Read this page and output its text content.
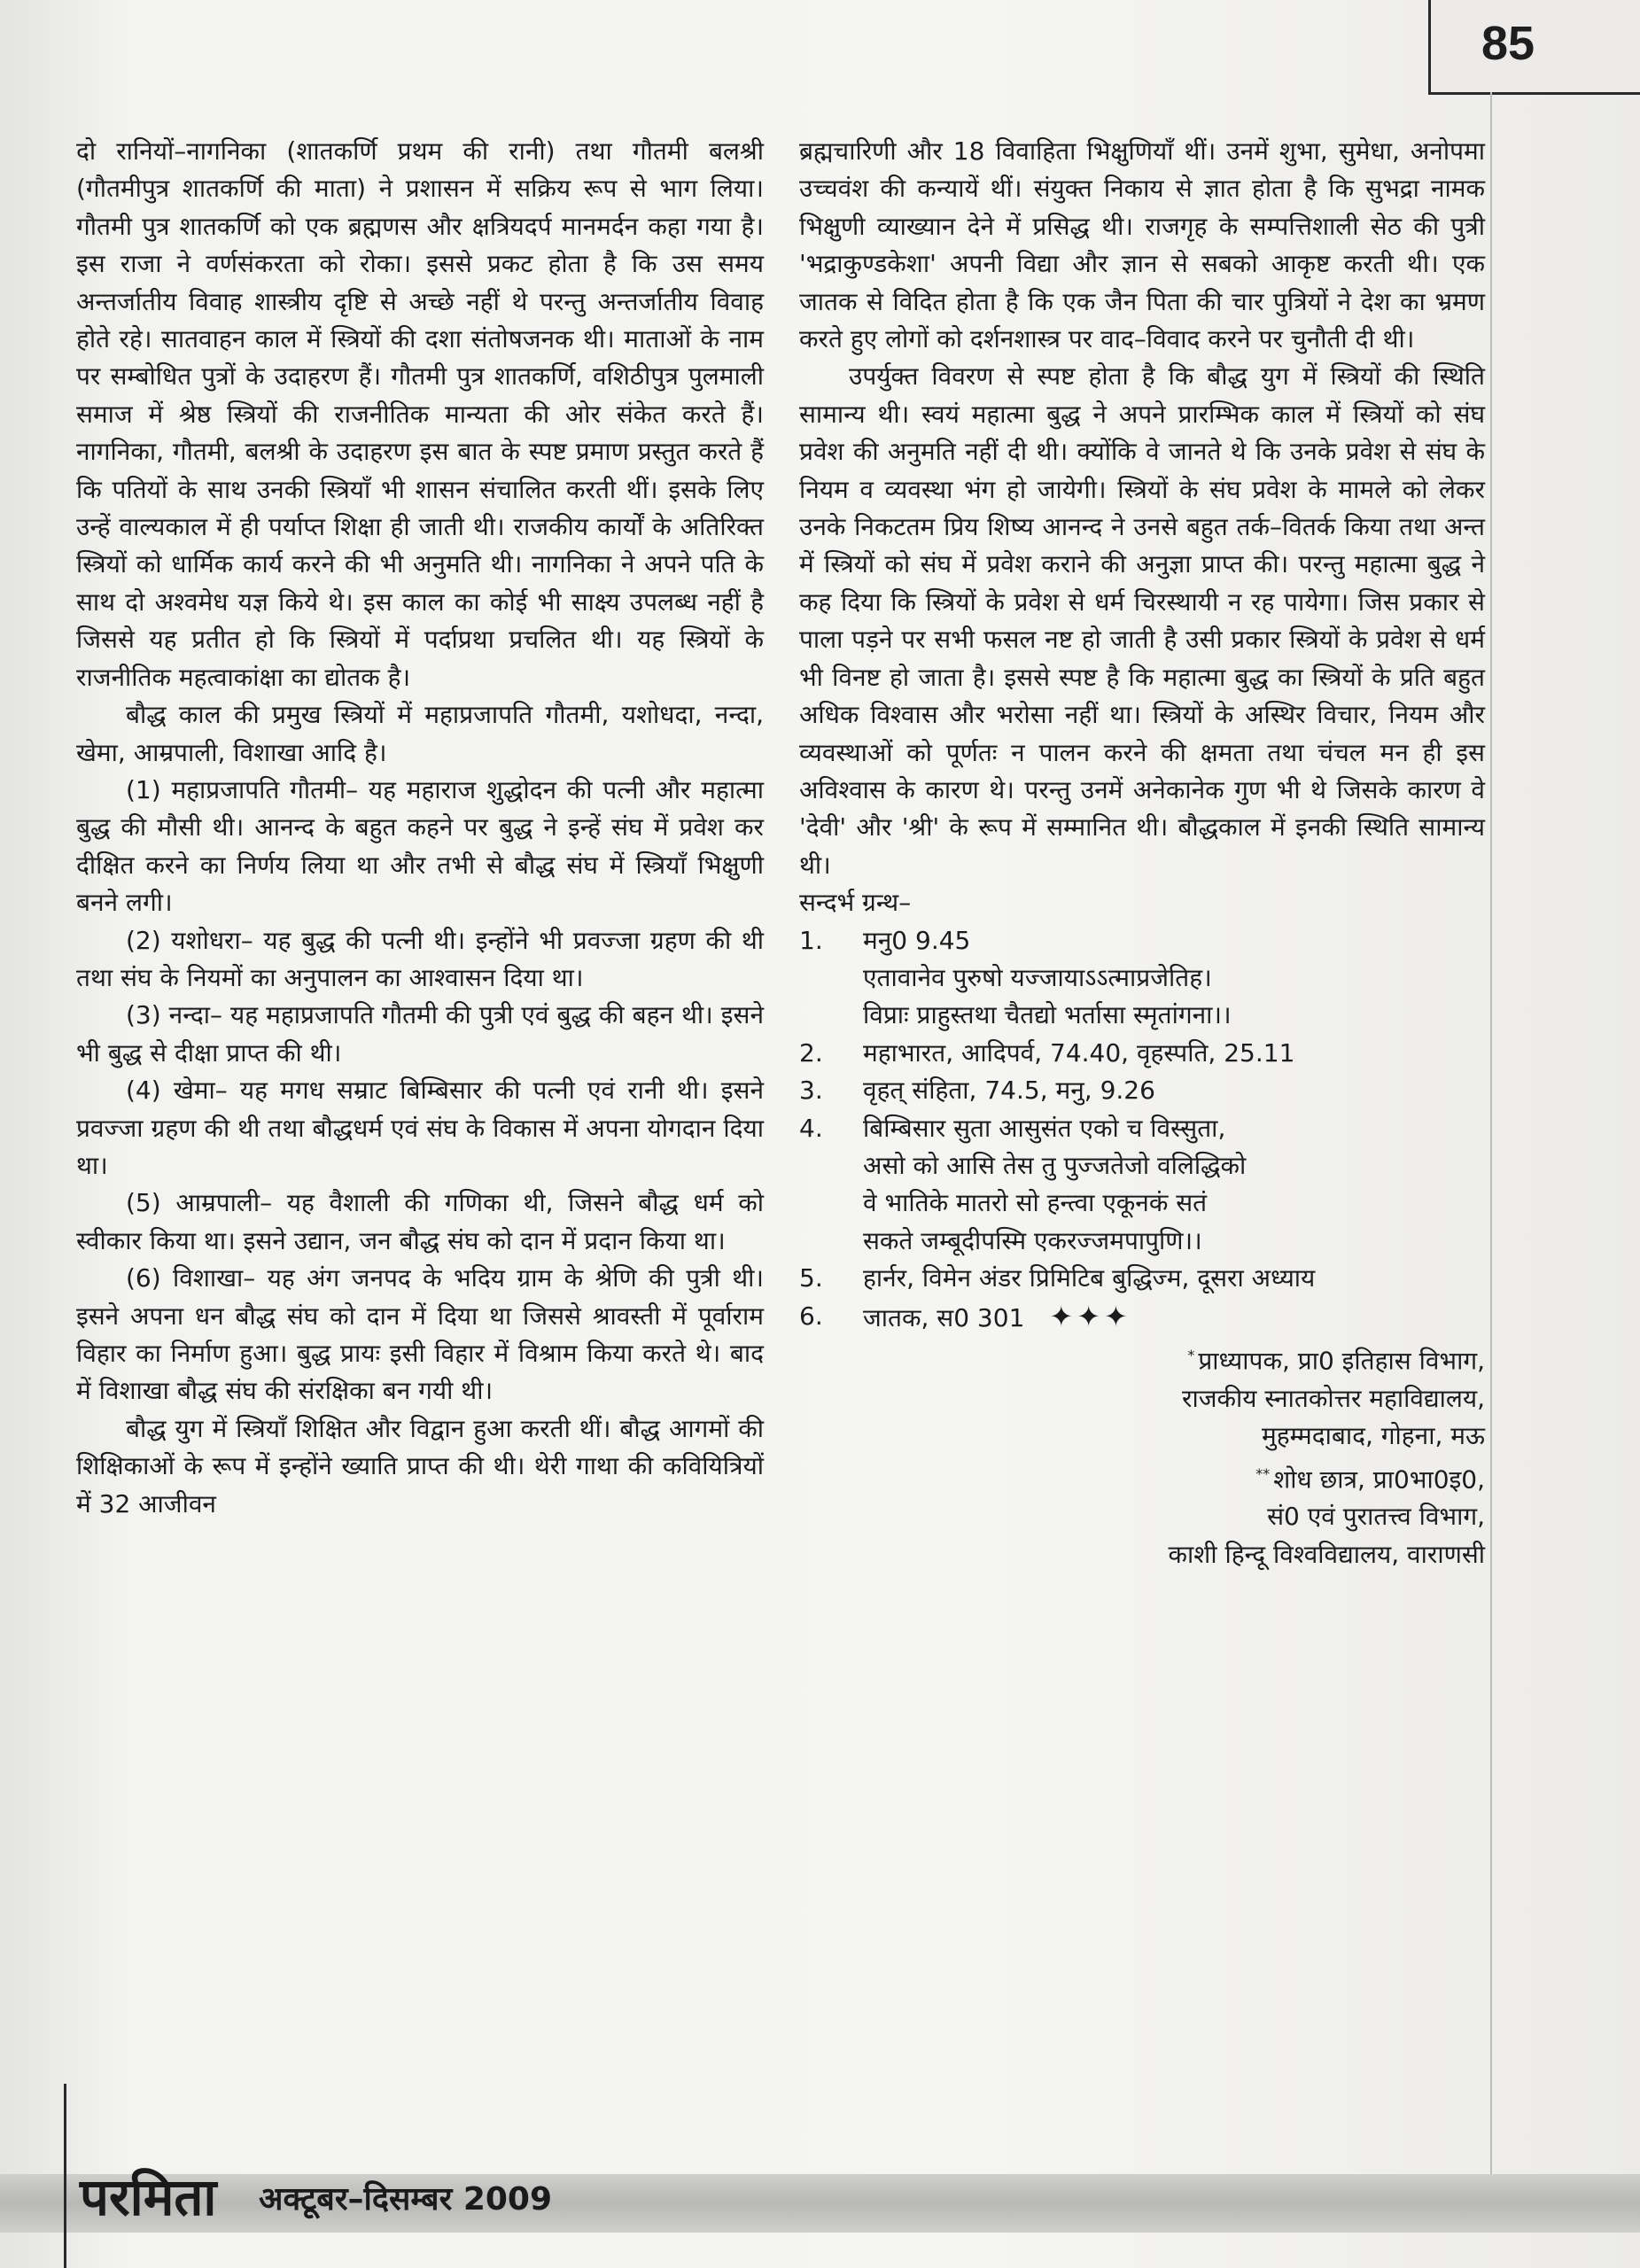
85

दो रानियों–नागनिका (शातकर्णि प्रथम की रानी) तथा गौतमी बलश्री (गौतमीपुत्र शातकर्णि की माता) ने प्रशासन में सक्रिय रूप से भाग लिया। गौतमी पुत्र शातकर्णि को एक ब्रह्मणस और क्षत्रियदर्प मानमर्दन कहा गया है। इस राजा ने वर्णसंकरता को रोका। इससे प्रकट होता है कि उस समय अन्तर्जातीय विवाह शास्त्रीय दृष्टि से अच्छे नहीं थे परन्तु अन्तर्जातीय विवाह होते रहे। सातवाहन काल में स्त्रियों की दशा संतोषजनक थी। माताओं के नाम पर सम्बोधित पुत्रों के उदाहरण हैं। गौतमी पुत्र शातकर्णि, वशिठीपुत्र पुलमाली समाज में श्रेष्ठ स्त्रियों की राजनीतिक मान्यता की ओर संकेत करते हैं। नागनिका, गौतमी, बलश्री के उदाहरण इस बात के स्पष्ट प्रमाण प्रस्तुत करते हैं कि पतियों के साथ उनकी स्त्रियाँ भी शासन संचालित करती थीं। इसके लिए उन्हें वाल्यकाल में ही पर्याप्त शिक्षा ही जाती थी। राजकीय कार्यों के अतिरिक्त स्त्रियों को धार्मिक कार्य करने की भी अनुमति थी। नागनिका ने अपने पति के साथ दो अश्वमेध यज्ञ किये थे। इस काल का कोई भी साक्ष्य उपलब्ध नहीं है जिससे यह प्रतीत हो कि स्त्रियों में पर्दाप्रथा प्रचलित थी। यह स्त्रियों के राजनीतिक महत्वाकांक्षा का द्योतक है।

बौद्ध काल की प्रमुख स्त्रियों में महाप्रजापति गौतमी, यशोधदा, नन्दा, खेमा, आम्रपाली, विशाखा आदि है।

(1) महाप्रजापति गौतमी– यह महाराज शुद्धोदन की पत्नी और महात्मा बुद्ध की मौसी थी। आनन्द के बहुत कहने पर बुद्ध ने इन्हें संघ में प्रवेश कर दीक्षित करने का निर्णय लिया था और तभी से बौद्ध संघ में स्त्रियाँ भिक्षुणी बनने लगी।

(2) यशोधरा– यह बुद्ध की पत्नी थी। इन्होंने भी प्रवज्जा ग्रहण की थी तथा संघ के नियमों का अनुपालन का आश्वासन दिया था।

(3) नन्दा– यह महाप्रजापति गौतमी की पुत्री एवं बुद्ध की बहन थी। इसने भी बुद्ध से दीक्षा प्राप्त की थी।

(4) खेमा– यह मगध सम्राट बिम्बिसार की पत्नी एवं रानी थी। इसने प्रवज्जा ग्रहण की थी तथा बौद्धधर्म एवं संघ के विकास में अपना योगदान दिया था।

(5) आम्रपाली– यह वैशाली की गणिका थी, जिसने बौद्ध धर्म को स्वीकार किया था। इसने उद्यान, जन बौद्ध संघ को दान में प्रदान किया था।

(6) विशाखा– यह अंग जनपद के भदिय ग्राम के श्रेणि की पुत्री थी। इसने अपना धन बौद्ध संघ को दान में दिया था जिससे श्रावस्ती में पूर्वाराम विहार का निर्माण हुआ। बुद्ध प्रायः इसी विहार में विश्राम किया करते थे। बाद में विशाखा बौद्ध संघ की संरक्षिका बन गयी थी।

बौद्ध युग में स्त्रियाँ शिक्षित और विद्वान हुआ करती थीं। बौद्ध आगमों की शिक्षिकाओं के रूप में इन्होंने ख्याति प्राप्त की थी। थेरी गाथा की कवियित्रियों में 32 आजीवन

ब्रह्मचारिणी और 18 विवाहिता भिक्षुणियाँ थीं। उनमें शुभा, सुमेधा, अनोपमा उच्चवंश की कन्यायें थीं। संयुक्त निकाय से ज्ञात होता है कि सुभद्रा नामक भिक्षुणी व्याख्यान देने में प्रसिद्ध थी। राजगृह के सम्पत्तिशाली सेठ की पुत्री 'भद्राकुण्डकेशा' अपनी विद्या और ज्ञान से सबको आकृष्ट करती थी। एक जातक से विदित होता है कि एक जैन पिता की चार पुत्रियों ने देश का भ्रमण करते हुए लोगों को दर्शनशास्त्र पर वाद–विवाद करने पर चुनौती दी थी।

उपर्युक्त विवरण से स्पष्ट होता है कि बौद्ध युग में स्त्रियों की स्थिति सामान्य थी। स्वयं महात्मा बुद्ध ने अपने प्रारम्भिक काल में स्त्रियों को संघ प्रवेश की अनुमति नहीं दी थी। क्योंकि वे जानते थे कि उनके प्रवेश से संघ के नियम व व्यवस्था भंग हो जायेगी। स्त्रियों के संघ प्रवेश के मामले को लेकर उनके निकटतम प्रिय शिष्य आनन्द ने उनसे बहुत तर्क–वितर्क किया तथा अन्त में स्त्रियों को संघ में प्रवेश कराने की अनुज्ञा प्राप्त की। परन्तु महात्मा बुद्ध ने कह दिया कि स्त्रियों के प्रवेश से धर्म चिरस्थायी न रह पायेगा। जिस प्रकार से पाला पड़ने पर सभी फसल नष्ट हो जाती है उसी प्रकार स्त्रियों के प्रवेश से धर्म भी विनष्ट हो जाता है। इससे स्पष्ट है कि महात्मा बुद्ध का स्त्रियों के प्रति बहुत अधिक विश्वास और भरोसा नहीं था। स्त्रियों के अस्थिर विचार, नियम और व्यवस्थाओं को पूर्णतः न पालन करने की क्षमता तथा चंचल मन ही इस अविश्वास के कारण थे। परन्तु उनमें अनेकानेक गुण भी थे जिसके कारण वे 'देवी' और 'श्री' के रूप में सम्मानित थी। बौद्धकाल में इनकी स्थिति सामान्य थी।

सन्दर्भ ग्रन्थ–

1.	मनु0 9.45
एतावानेव पुरुषो यज्जायाऽऽत्माप्रजेतिह।
विप्राः प्राहुस्तथा चैतद्यो भर्तासा स्मृतांगना।।
2.	महाभारत, आदिपर्व, 74.40, वृहस्पति, 25.11
3.	वृहत् संहिता, 74.5, मनु, 9.26
4.	बिम्बिसार सुता आसुसंत एको च विस्सुता,
असो को आसि तेस तु पुज्जतेजो वलिद्धिको
वे भातिके मातरो सो हन्त्वा एकूनकं सतं
सकते जम्बूदीपस्मि एकरज्जमपापुणि।।
5.	हार्नर, विमेन अंडर प्रिमिटिब बुद्धिज्म, दूसरा अध्याय
6.	जातक, स0 301 ✦✦✦

* प्राध्यापक, प्रा0 इतिहास विभाग,

राजकीय स्नातकोत्तर महाविद्यालय,

मुहम्मदाबाद, गोहना, मऊ

** शोध छात्र, प्रा0भा0इ0,

सं0 एवं पुरातत्त्व विभाग,

काशी हिन्दू विश्वविद्यालय, वाराणसी

परमिता अक्टूबर–दिसम्बर 2009
